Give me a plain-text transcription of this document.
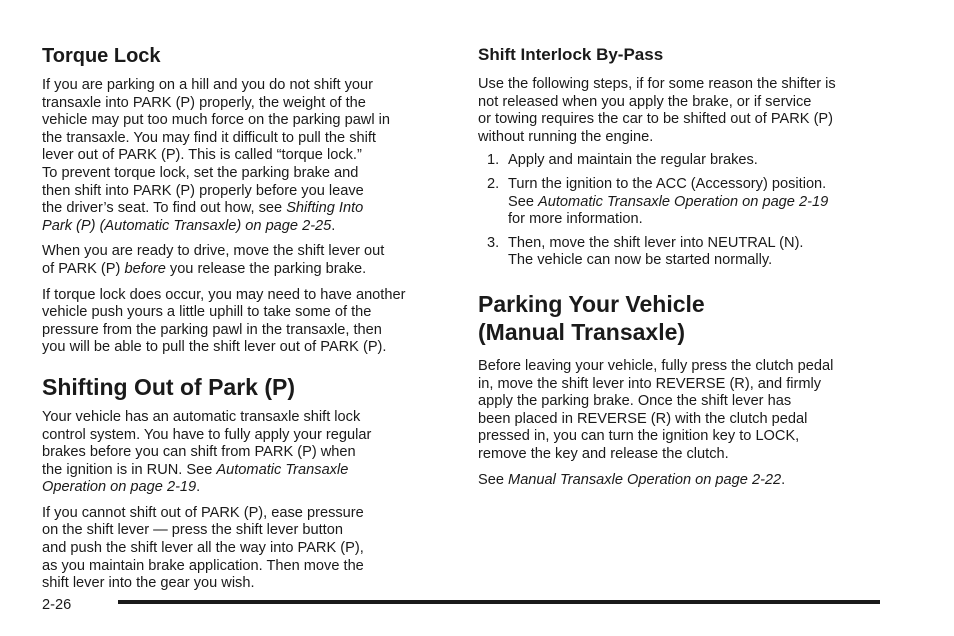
Torque Lock

If you are parking on a hill and you do not shift your
transaxle into PARK (P) properly, the weight of the
vehicle may put too much force on the parking pawl in
the transaxle. You may find it difficult to pull the shift
lever out of PARK (P). This is called “torque lock.”
To prevent torque lock, set the parking brake and
then shift into PARK (P) properly before you leave
the driver’s seat. To find out how, see Shifting Into
Park (P) (Automatic Transaxle) on page 2-25.

When you are ready to drive, move the shift lever out
of PARK (P) before you release the parking brake.

If torque lock does occur, you may need to have another
vehicle push yours a little uphill to take some of the
pressure from the parking pawl in the transaxle, then
you will be able to pull the shift lever out of PARK (P).

Shifting Out of Park (P)

Your vehicle has an automatic transaxle shift lock
control system. You have to fully apply your regular
brakes before you can shift from PARK (P) when
the ignition is in RUN. See Automatic Transaxle
Operation on page 2-19.

If you cannot shift out of PARK (P), ease pressure
on the shift lever — press the shift lever button
and push the shift lever all the way into PARK (P),
as you maintain brake application. Then move the
shift lever into the gear you wish.

Shift Interlock By-Pass

Use the following steps, if for some reason the shifter is
not released when you apply the brake, or if service
or towing requires the car to be shifted out of PARK (P)
without running the engine.

1. Apply and maintain the regular brakes.
2. Turn the ignition to the ACC (Accessory) position.
See Automatic Transaxle Operation on page 2-19
for more information.
3. Then, move the shift lever into NEUTRAL (N).
The vehicle can now be started normally.
Parking Your Vehicle
(Manual Transaxle)

Before leaving your vehicle, fully press the clutch pedal
in, move the shift lever into REVERSE (R), and firmly
apply the parking brake. Once the shift lever has
been placed in REVERSE (R) with the clutch pedal
pressed in, you can turn the ignition key to LOCK,
remove the key and release the clutch.

See Manual Transaxle Operation on page 2-22.

2-26
